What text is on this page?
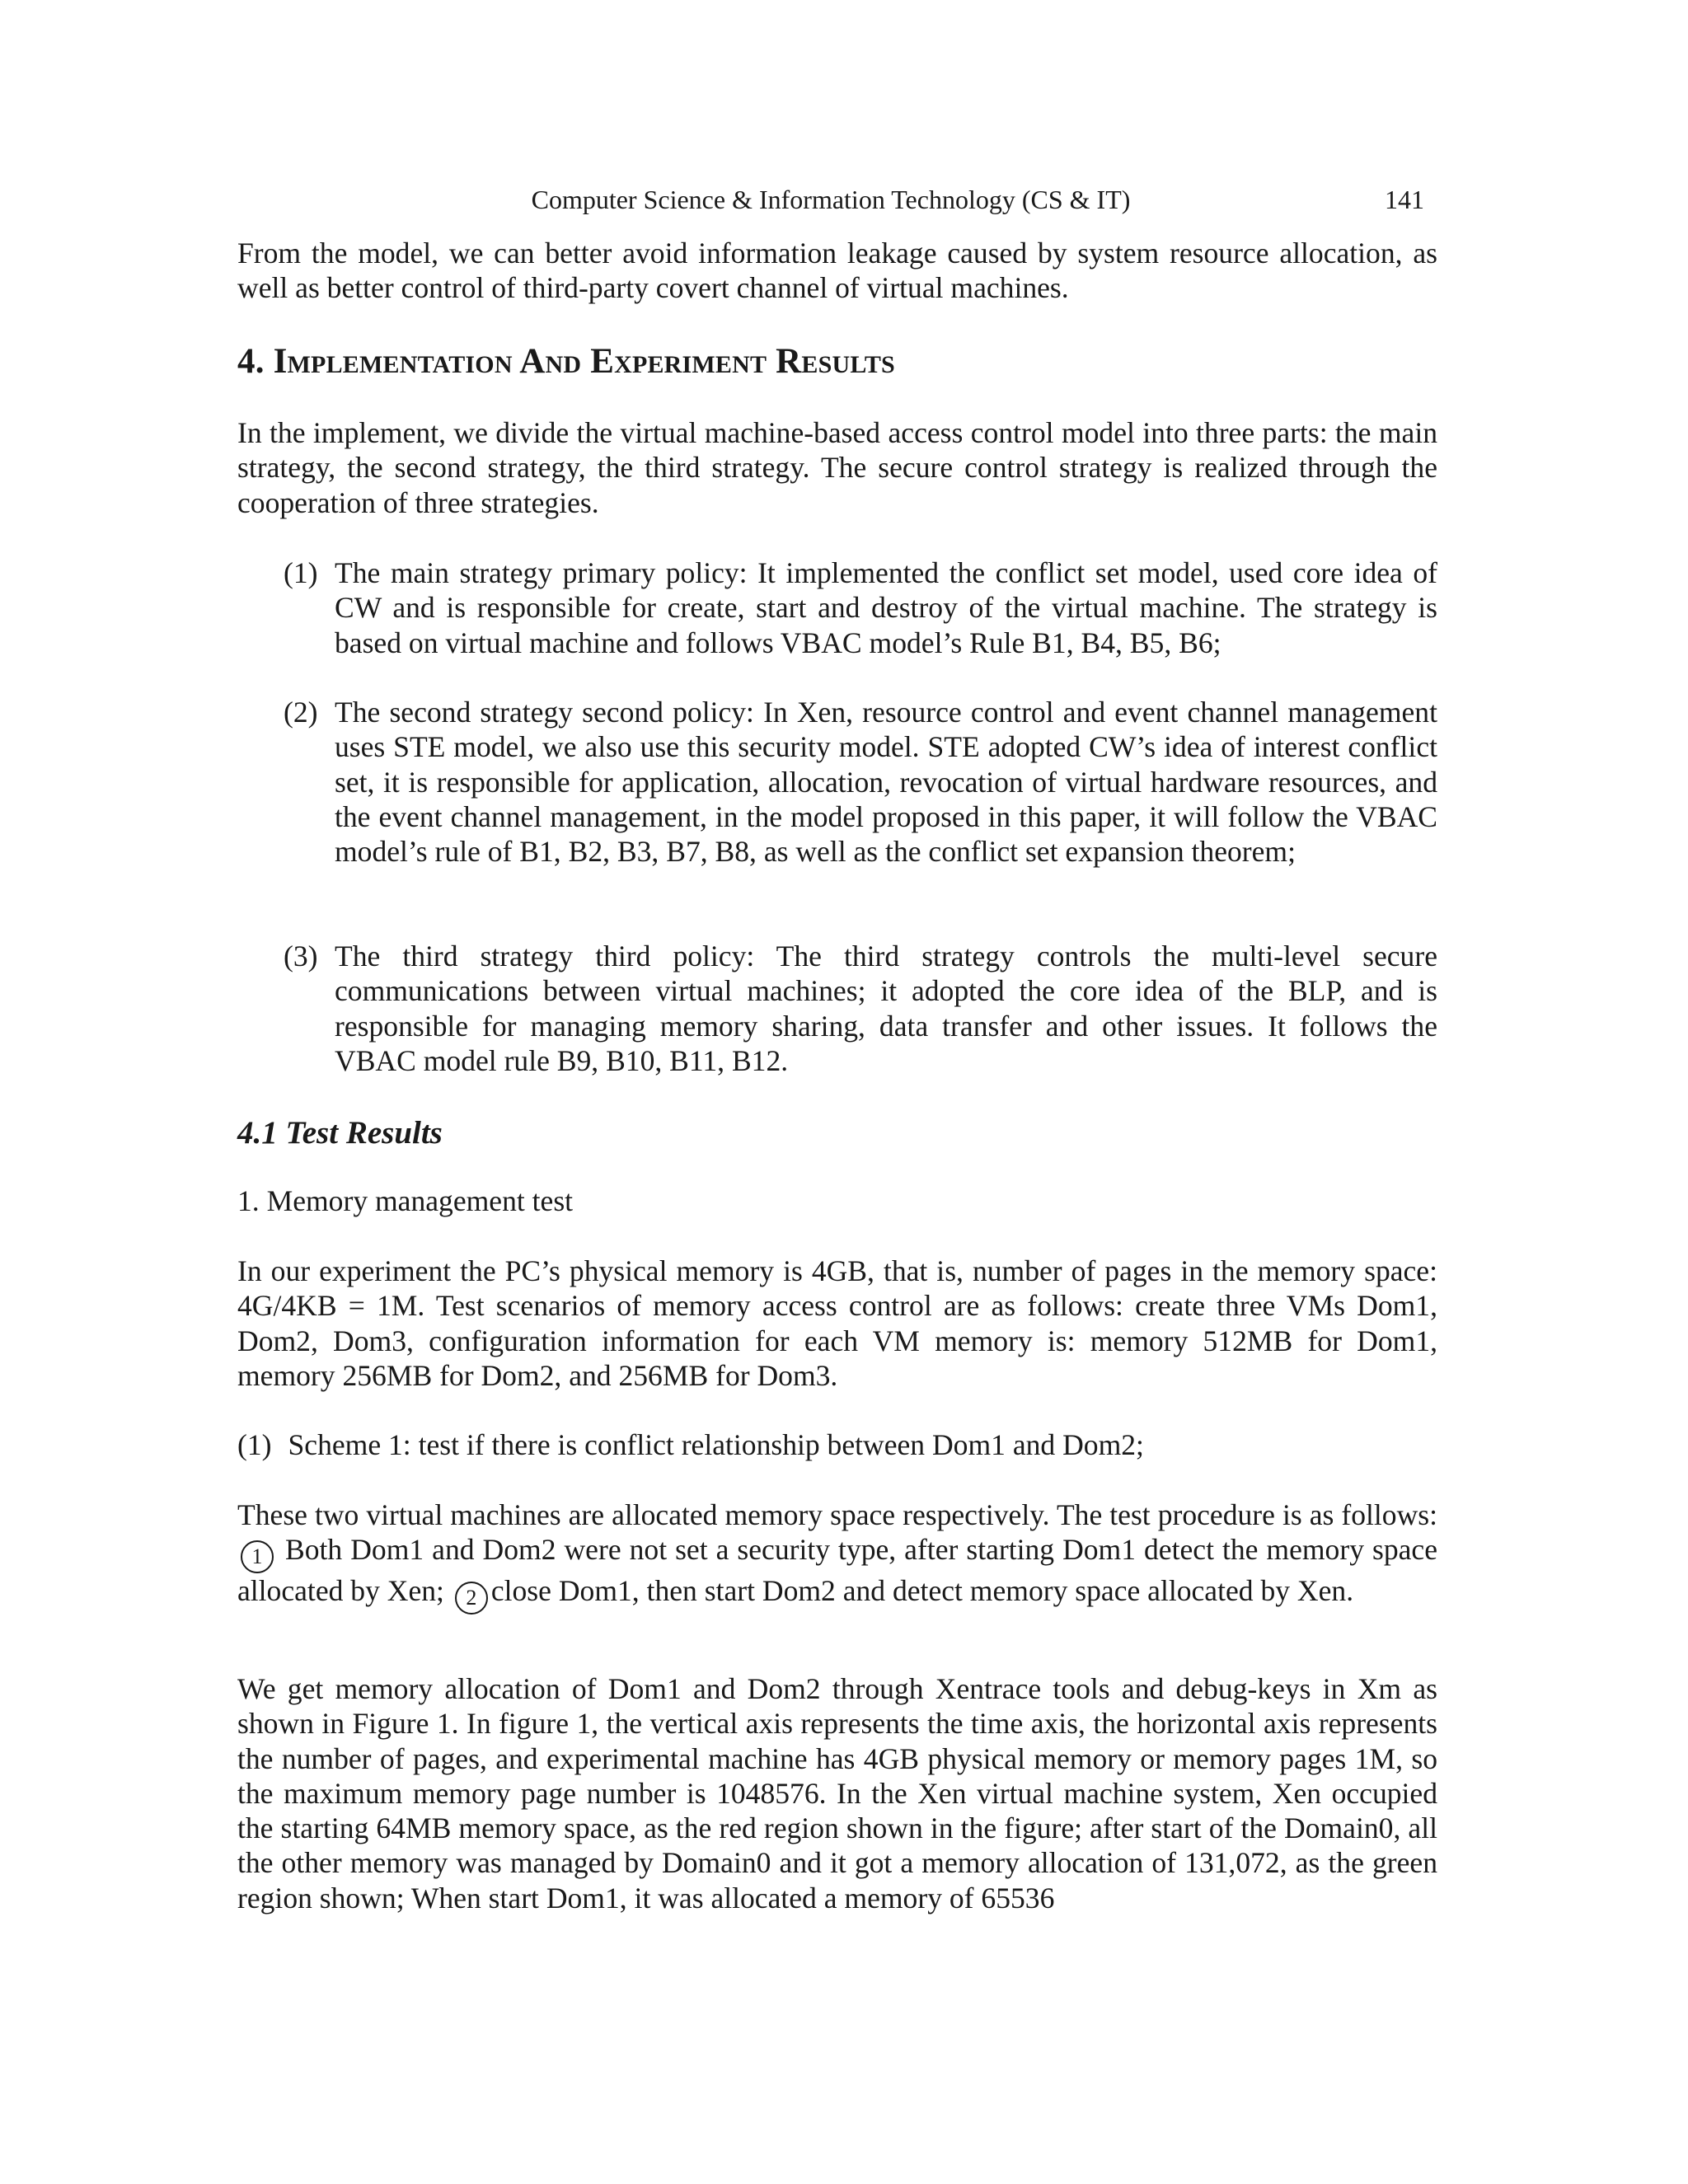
Computer Science & Information Technology (CS & IT)	141

From the model, we can better avoid information leakage caused by system resource allocation, as well as better control of third-party covert channel of virtual machines.

4. Implementation And Experiment Results

In the implement, we divide the virtual machine-based access control model into three parts: the main strategy, the second strategy, the third strategy. The secure control strategy is realized through the cooperation of three strategies.

(1) The main strategy primary policy: It implemented the conflict set model, used core idea of CW and is responsible for create, start and destroy of the virtual machine. The strategy is based on virtual machine and follows VBAC model’s Rule B1, B4, B5, B6;
(2) The second strategy second policy: In Xen, resource control and event channel management uses STE model, we also use this security model. STE adopted CW’s idea of interest conflict set, it is responsible for application, allocation, revocation of virtual hardware resources, and the event channel management, in the model proposed in this paper, it will follow the VBAC model’s rule of B1, B2, B3, B7, B8, as well as the conflict set expansion theorem;
(3) The third strategy third policy: The third strategy controls the multi-level secure communications between virtual machines; it adopted the core idea of the BLP, and is responsible for managing memory sharing, data transfer and other issues. It follows the VBAC model rule B9, B10, B11, B12.
4.1 Test Results

1. Memory management test

In our experiment the PC’s physical memory is 4GB, that is, number of pages in the memory space: 4G/4KB = 1M. Test scenarios of memory access control are as follows: create three VMs Dom1, Dom2, Dom3, configuration information for each VM memory is: memory 512MB for Dom1, memory 256MB for Dom2, and 256MB for Dom3.

(1) Scheme 1: test if there is conflict relationship between Dom1 and Dom2;

These two virtual machines are allocated memory space respectively. The test procedure is as follows: 1 Both Dom1 and Dom2 were not set a security type, after starting Dom1 detect the memory space allocated by Xen; 2 close Dom1, then start Dom2 and detect memory space allocated by Xen.

We get memory allocation of Dom1 and Dom2 through Xentrace tools and debug-keys in Xm as shown in Figure 1. In figure 1, the vertical axis represents the time axis, the horizontal axis represents the number of pages, and experimental machine has 4GB physical memory or memory pages 1M, so the maximum memory page number is 1048576. In the Xen virtual machine system, Xen occupied the starting 64MB memory space, as the red region shown in the figure; after start of the Domain0, all the other memory was managed by Domain0 and it got a memory allocation of 131,072, as the green region shown; When start Dom1, it was allocated a memory of 65536
